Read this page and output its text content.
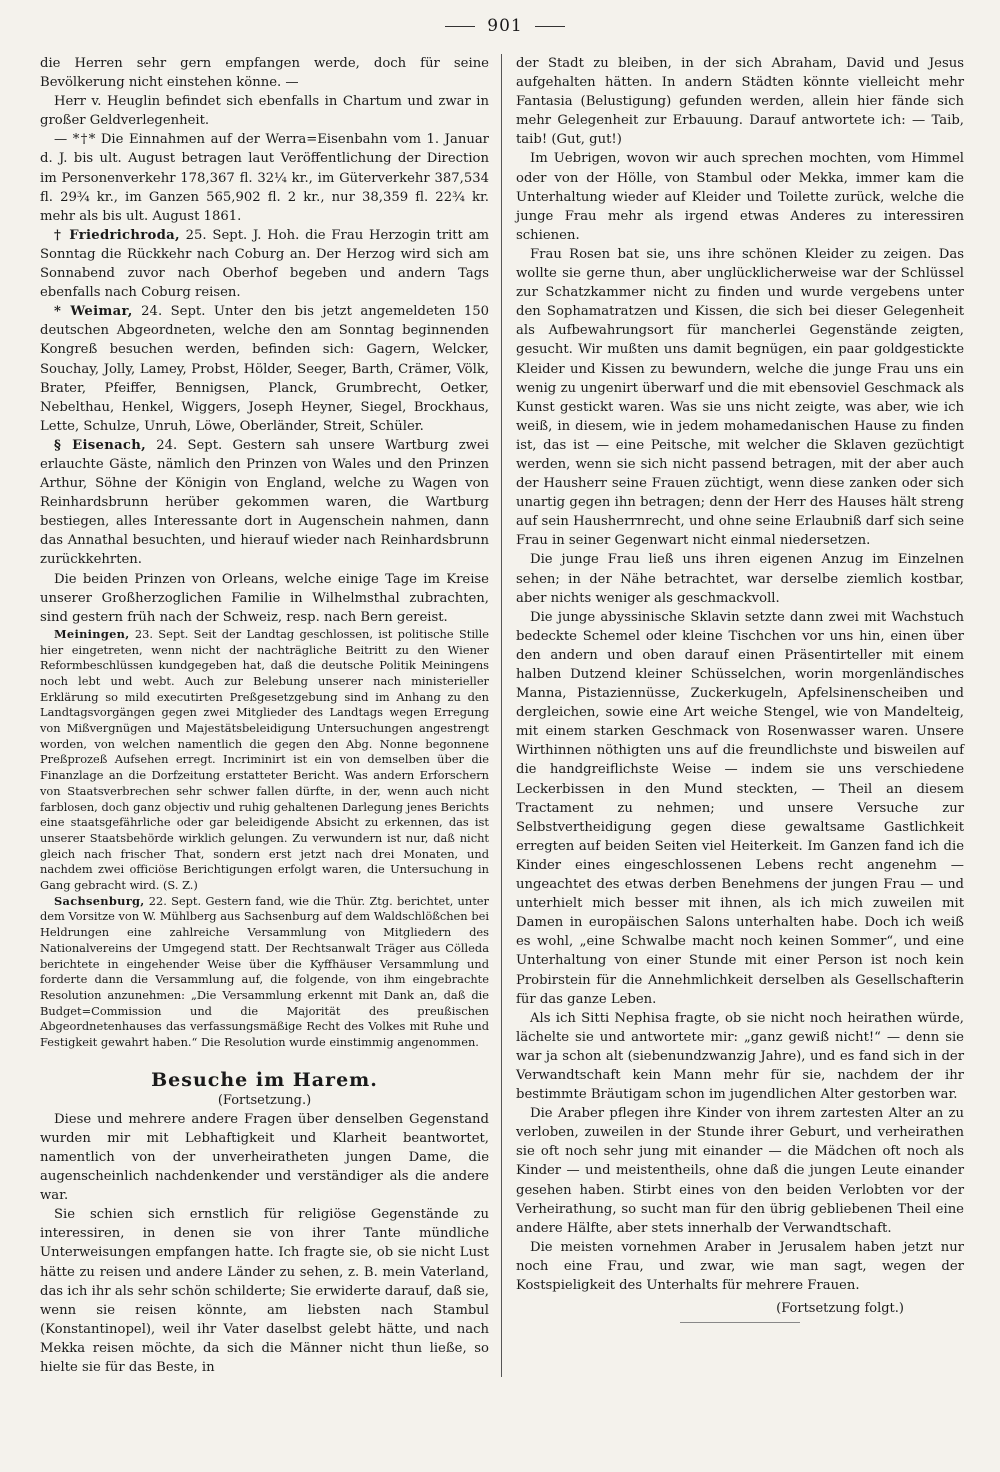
901

die Herren sehr gern empfangen werde, doch für seine Bevölkerung nicht einstehen könne. —

Herr v. Heuglin befindet sich ebenfalls in Chartum und zwar in großer Geldverlegenheit.

— *†* Die Einnahmen auf der Werra=Eisenbahn vom 1. Januar d. J. bis ult. August betragen laut Veröffentlichung der Direction im Personenverkehr 178,367 fl. 32¼ kr., im Güterverkehr 387,534 fl. 29¾ kr., im Ganzen 565,902 fl. 2 kr., nur 38,359 fl. 22¾ kr. mehr als bis ult. August 1861.

† Friedrichroda, 25. Sept. J. Hoh. die Frau Herzogin tritt am Sonntag die Rückkehr nach Coburg an. Der Herzog wird sich am Sonnabend zuvor nach Oberhof begeben und andern Tags ebenfalls nach Coburg reisen.

* Weimar, 24. Sept. Unter den bis jetzt angemeldeten 150 deutschen Abgeordneten, welche den am Sonntag beginnenden Kongreß besuchen werden, befinden sich: Gagern, Welcker, Souchay, Jolly, Lamey, Probst, Hölder, Seeger, Barth, Crämer, Völk, Brater, Pfeiffer, Bennigsen, Planck, Grumbrecht, Oetker, Nebelthau, Henkel, Wiggers, Joseph Heyner, Siegel, Brockhaus, Lette, Schulze, Unruh, Löwe, Oberländer, Streit, Schüler.

§ Eisenach, 24. Sept. Gestern sah unsere Wartburg zwei erlauchte Gäste, nämlich den Prinzen von Wales und den Prinzen Arthur, Söhne der Königin von England, welche zu Wagen von Reinhardsbrunn herüber gekommen waren, die Wartburg bestiegen, alles Interessante dort in Augenschein nahmen, dann das Annathal besuchten, und hierauf wieder nach Reinhardsbrunn zurückkehrten.

Die beiden Prinzen von Orleans, welche einige Tage im Kreise unserer Großherzoglichen Familie in Wilhelmsthal zubrachten, sind gestern früh nach der Schweiz, resp. nach Bern gereist.

Meiningen, 23. Sept. Seit der Landtag geschlossen, ist politische Stille hier eingetreten, wenn nicht der nachträgliche Beitritt zu den Wiener Reformbeschlüssen kundgegeben hat, daß die deutsche Politik Meiningens noch lebt und webt. Auch zur Belebung unserer nach ministerieller Erklärung so mild executirten Preßgesetzgebung sind im Anhang zu den Landtagsvorgängen gegen zwei Mitglieder des Landtags wegen Erregung von Mißvergnügen und Majestätsbeleidigung Untersuchungen angestrengt worden, von welchen namentlich die gegen den Abg. Nonne begonnene Preßprozeß Aufsehen erregt. Incriminirt ist ein von demselben über die Finanzlage an die Dorfzeitung erstatteter Bericht. Was andern Erforschern von Staatsverbrechen sehr schwer fallen dürfte, in der, wenn auch nicht farblosen, doch ganz objectiv und ruhig gehaltenen Darlegung jenes Berichts eine staatsgefährliche oder gar beleidigende Absicht zu erkennen, das ist unserer Staatsbehörde wirklich gelungen. Zu verwundern ist nur, daß nicht gleich nach frischer That, sondern erst jetzt nach drei Monaten, und nachdem zwei officiöse Berichtigungen erfolgt waren, die Untersuchung in Gang gebracht wird. (S. Z.)

Sachsenburg, 22. Sept. Gestern fand, wie die Thür. Ztg. berichtet, unter dem Vorsitze von W. Mühlberg aus Sachsenburg auf dem Waldschlößchen bei Heldrungen eine zahlreiche Versammlung von Mitgliedern des Nationalvereins der Umgegend statt. Der Rechtsanwalt Träger aus Cölleda berichtete in eingehender Weise über die Kyffhäuser Versammlung und forderte dann die Versammlung auf, die folgende, von ihm eingebrachte Resolution anzunehmen: „Die Versammlung erkennt mit Dank an, daß die Budget=Commission und die Majorität des preußischen Abgeordnetenhauses das verfassungsmäßige Recht des Volkes mit Ruhe und Festigkeit gewahrt haben.“ Die Resolution wurde einstimmig angenommen.

Besuche im Harem.
(Fortsetzung.)

Diese und mehrere andere Fragen über denselben Gegenstand wurden mir mit Lebhaftigkeit und Klarheit beantwortet, namentlich von der unverheiratheten jungen Dame, die augenscheinlich nachdenkender und verständiger als die andere war.

Sie schien sich ernstlich für religiöse Gegenstände zu interessiren, in denen sie von ihrer Tante mündliche Unterweisungen empfangen hatte. Ich fragte sie, ob sie nicht Lust hätte zu reisen und andere Länder zu sehen, z. B. mein Vaterland, das ich ihr als sehr schön schilderte; Sie erwiderte darauf, daß sie, wenn sie reisen könnte, am liebsten nach Stambul (Konstantinopel), weil ihr Vater daselbst gelebt hätte, und nach Mekka reisen möchte, da sich die Männer nicht thun ließe, so hielte sie für das Beste, in

der Stadt zu bleiben, in der sich Abraham, David und Jesus aufgehalten hätten. In andern Städten könnte vielleicht mehr Fantasia (Belustigung) gefunden werden, allein hier fände sich mehr Gelegenheit zur Erbauung. Darauf antwortete ich: — Taib, taib! (Gut, gut!)

Im Uebrigen, wovon wir auch sprechen mochten, vom Himmel oder von der Hölle, von Stambul oder Mekka, immer kam die Unterhaltung wieder auf Kleider und Toilette zurück, welche die junge Frau mehr als irgend etwas Anderes zu interessiren schienen.

Frau Rosen bat sie, uns ihre schönen Kleider zu zeigen. Das wollte sie gerne thun, aber unglücklicherweise war der Schlüssel zur Schatzkammer nicht zu finden und wurde vergebens unter den Sophamatratzen und Kissen, die sich bei dieser Gelegenheit als Aufbewahrungsort für mancherlei Gegenstände zeigten, gesucht. Wir mußten uns damit begnügen, ein paar goldgestickte Kleider und Kissen zu bewundern, welche die junge Frau uns ein wenig zu ungenirt überwarf und die mit ebensoviel Geschmack als Kunst gestickt waren. Was sie uns nicht zeigte, was aber, wie ich weiß, in diesem, wie in jedem mohamedanischen Hause zu finden ist, das ist — eine Peitsche, mit welcher die Sklaven gezüchtigt werden, wenn sie sich nicht passend betragen, mit der aber auch der Hausherr seine Frauen züchtigt, wenn diese zanken oder sich unartig gegen ihn betragen; denn der Herr des Hauses hält streng auf sein Hausherrnrecht, und ohne seine Erlaubniß darf sich seine Frau in seiner Gegenwart nicht einmal niedersetzen.

Die junge Frau ließ uns ihren eigenen Anzug im Einzelnen sehen; in der Nähe betrachtet, war derselbe ziemlich kostbar, aber nichts weniger als geschmackvoll.

Die junge abyssinische Sklavin setzte dann zwei mit Wachstuch bedeckte Schemel oder kleine Tischchen vor uns hin, einen über den andern und oben darauf einen Präsentirteller mit einem halben Dutzend kleiner Schüsselchen, worin morgenländisches Manna, Pistaziennüsse, Zuckerkugeln, Apfelsinenscheiben und dergleichen, sowie eine Art weiche Stengel, wie von Mandelteig, mit einem starken Geschmack von Rosenwasser waren. Unsere Wirthinnen nöthigten uns auf die freundlichste und bisweilen auf die handgreiflichste Weise — indem sie uns verschiedene Leckerbissen in den Mund steckten, — Theil an diesem Tractament zu nehmen; und unsere Versuche zur Selbstvertheidigung gegen diese gewaltsame Gastlichkeit erregten auf beiden Seiten viel Heiterkeit. Im Ganzen fand ich die Kinder eines eingeschlossenen Lebens recht angenehm — ungeachtet des etwas derben Benehmens der jungen Frau — und unterhielt mich besser mit ihnen, als ich mich zuweilen mit Damen in europäischen Salons unterhalten habe. Doch ich weiß es wohl, „eine Schwalbe macht noch keinen Sommer“, und eine Unterhaltung von einer Stunde mit einer Person ist noch kein Probirstein für die Annehmlichkeit derselben als Gesellschafterin für das ganze Leben.

Als ich Sitti Nephisa fragte, ob sie nicht noch heirathen würde, lächelte sie und antwortete mir: „ganz gewiß nicht!“ — denn sie war ja schon alt (siebenundzwanzig Jahre), und es fand sich in der Verwandtschaft kein Mann mehr für sie, nachdem der ihr bestimmte Bräutigam schon im jugendlichen Alter gestorben war.

Die Araber pflegen ihre Kinder von ihrem zartesten Alter an zu verloben, zuweilen in der Stunde ihrer Geburt, und verheirathen sie oft noch sehr jung mit einander — die Mädchen oft noch als Kinder — und meistentheils, ohne daß die jungen Leute einander gesehen haben. Stirbt eines von den beiden Verlobten vor der Verheirathung, so sucht man für den übrig gebliebenen Theil eine andere Hälfte, aber stets innerhalb der Verwandtschaft.

Die meisten vornehmen Araber in Jerusalem haben jetzt nur noch eine Frau, und zwar, wie man sagt, wegen der Kostspieligkeit des Unterhalts für mehrere Frauen.

(Fortsetzung folgt.)
